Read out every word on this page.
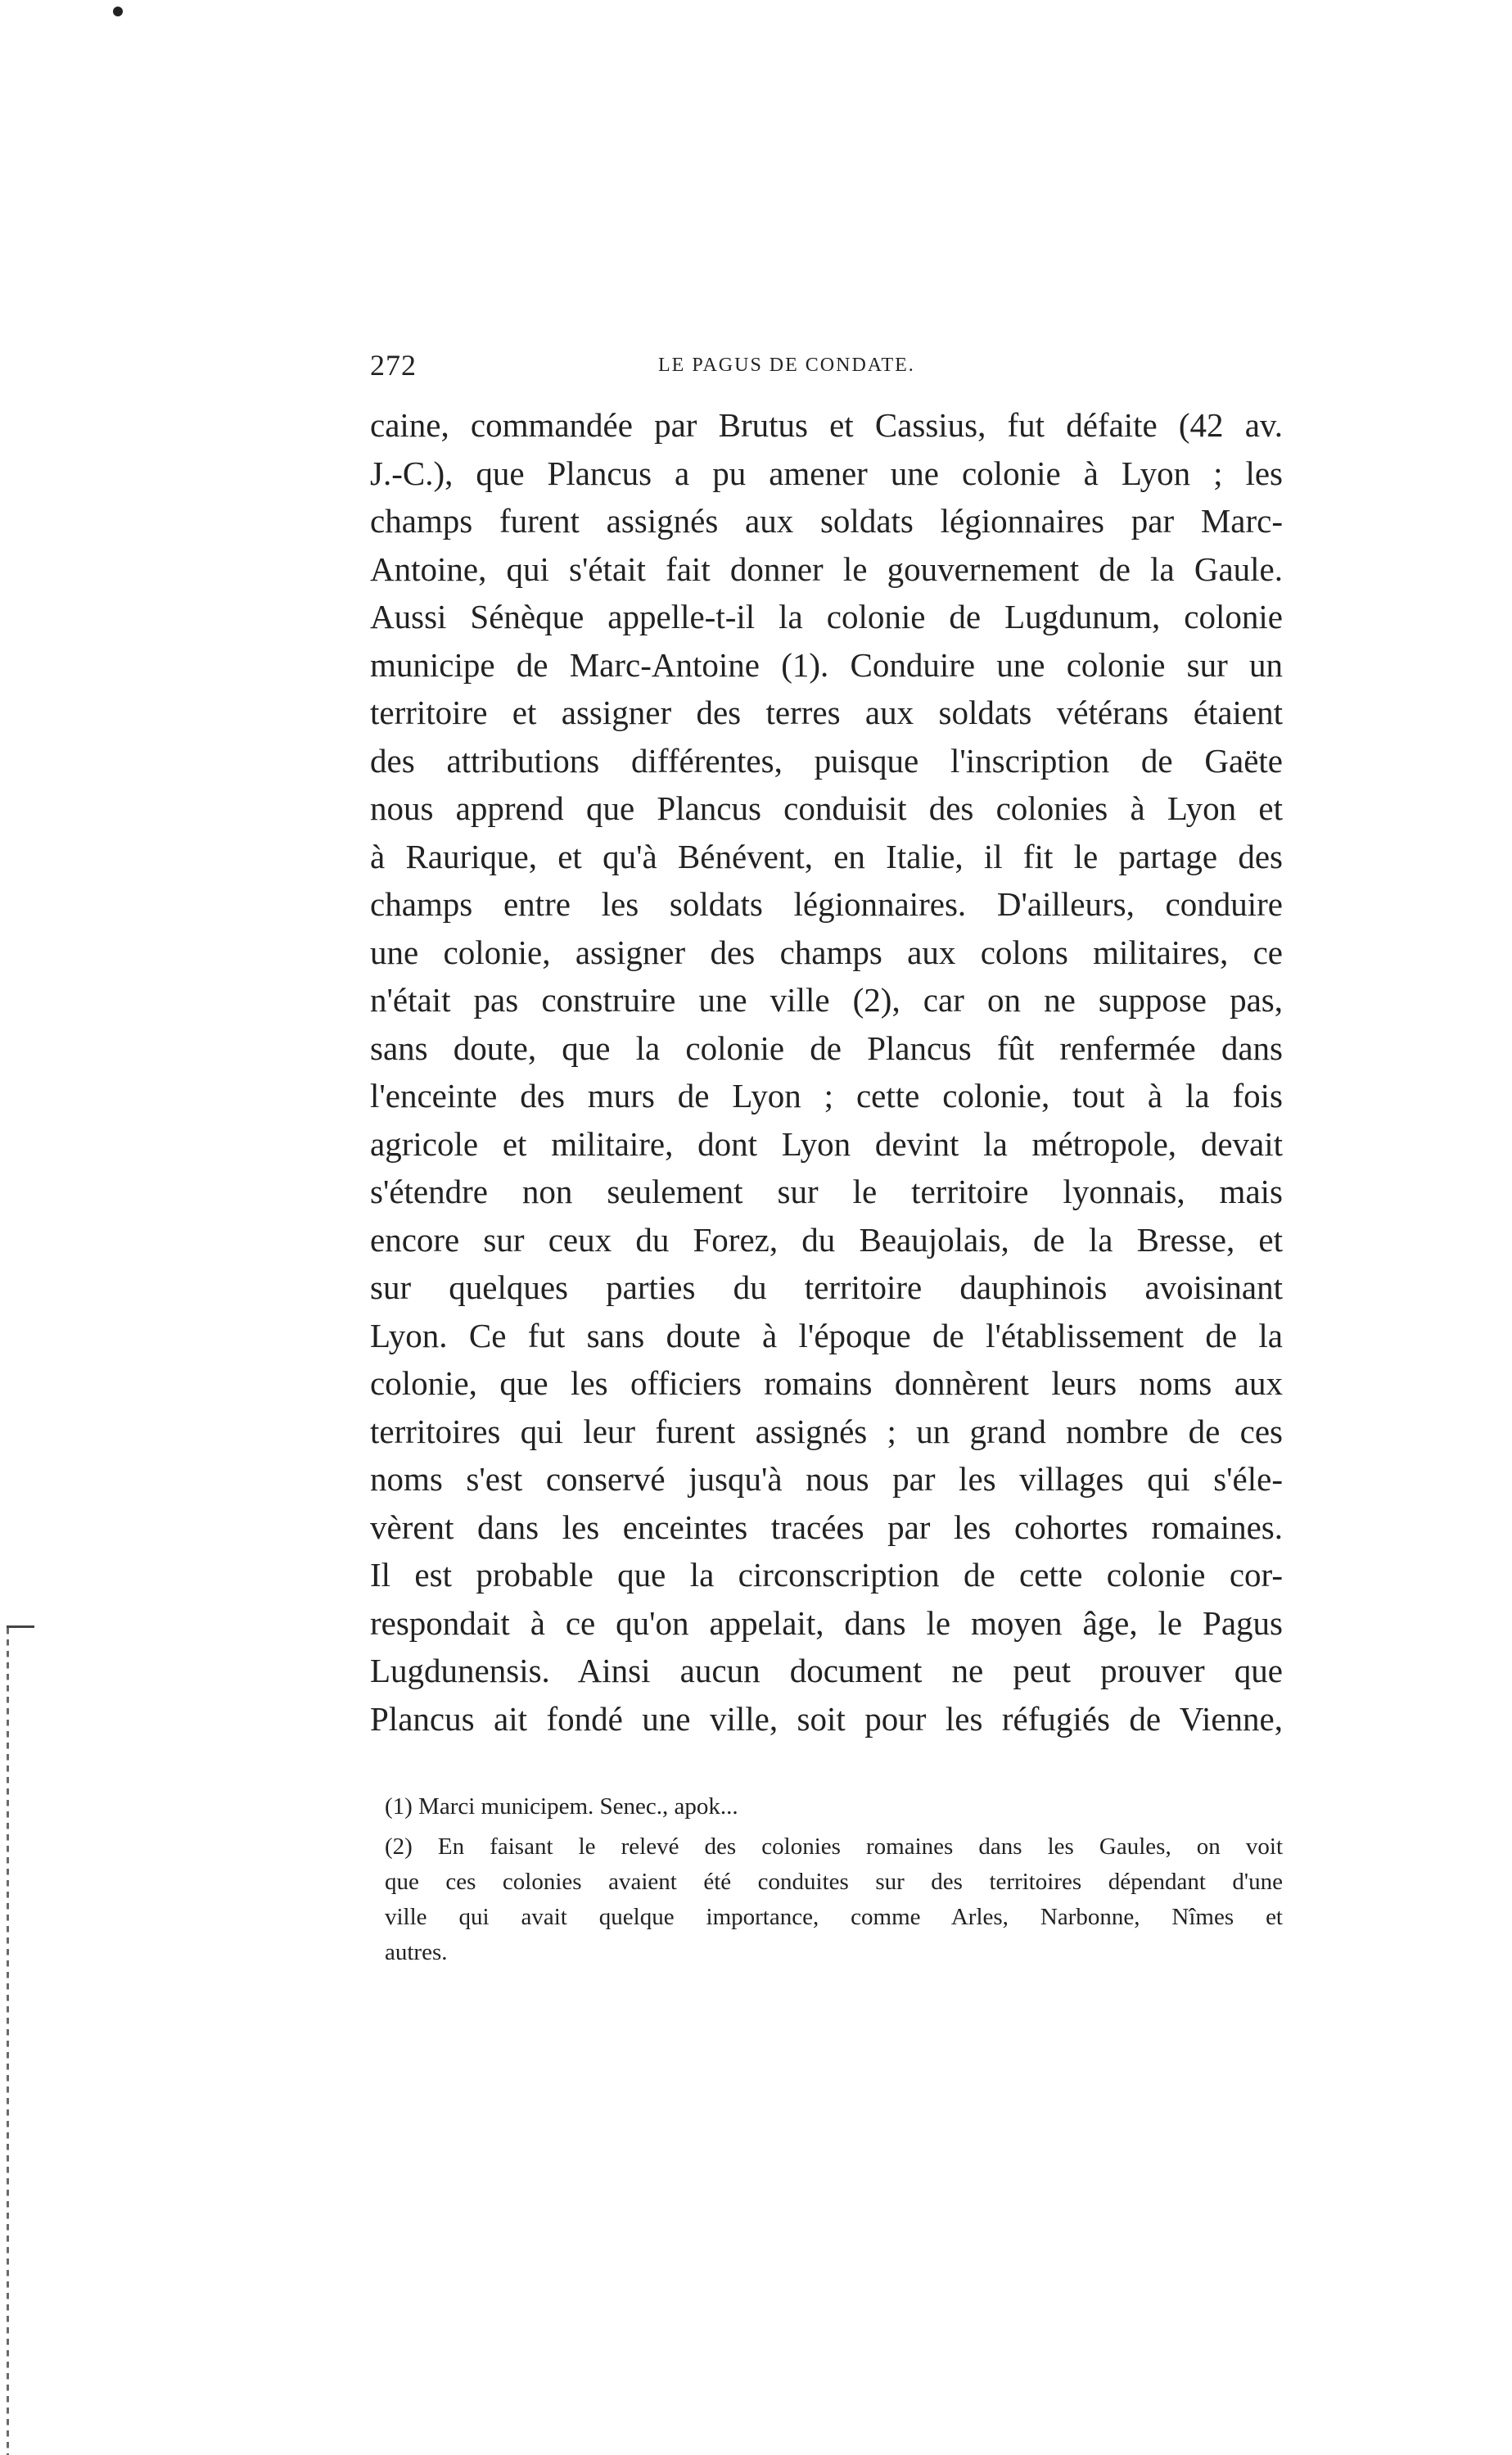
272	LE PAGUS DE CONDATE.
caine, commandée par Brutus et Cassius, fut défaite (42 av.
J.-C.), que Plancus a pu amener une colonie à Lyon ; les
champs furent assignés aux soldats légionnaires par Marc-
Antoine, qui s'était fait donner le gouvernement de la Gaule.
Aussi Sénèque appelle-t-il la colonie de Lugdunum, colonie
municipe de Marc-Antoine (1). Conduire une colonie sur un
territoire et assigner des terres aux soldats vétérans étaient
des attributions différentes, puisque l'inscription de Gaëte
nous apprend que Plancus conduisit des colonies à Lyon et
à Raurique, et qu'à Bénévent, en Italie, il fit le partage des
champs entre les soldats légionnaires. D'ailleurs, conduire
une colonie, assigner des champs aux colons militaires, ce
n'était pas construire une ville (2), car on ne suppose pas,
sans doute, que la colonie de Plancus fût renfermée dans
l'enceinte des murs de Lyon ; cette colonie, tout à la fois
agricole et militaire, dont Lyon devint la métropole, devait
s'étendre non seulement sur le territoire lyonnais, mais
encore sur ceux du Forez, du Beaujolais, de la Bresse, et
sur quelques parties du territoire dauphinois avoisinant
Lyon. Ce fut sans doute à l'époque de l'établissement de la
colonie, que les officiers romains donnèrent leurs noms aux
territoires qui leur furent assignés ; un grand nombre de ces
noms s'est conservé jusqu'à nous par les villages qui s'éle-
vèrent dans les enceintes tracées par les cohortes romaines.
Il est probable que la circonscription de cette colonie cor-
respondait à ce qu'on appelait, dans le moyen âge, le Pagus
Lugdunensis. Ainsi aucun document ne peut prouver que
Plancus ait fondé une ville, soit pour les réfugiés de Vienne,
(1) Marci municipem. Senec., apok...
(2) En faisant le relevé des colonies romaines dans les Gaules, on voit
que ces colonies avaient été conduites sur des territoires dépendant d'une
ville qui avait quelque importance, comme Arles, Narbonne, Nîmes et
autres.
